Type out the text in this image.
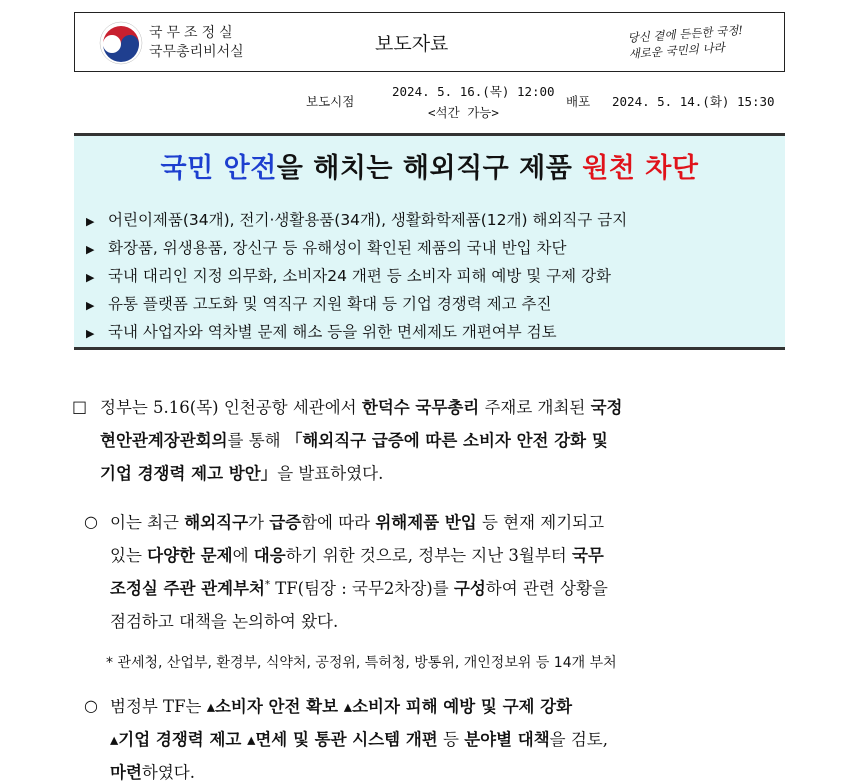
국무조정실
국무총리비서실	보도자료	당신 곁에 든든한 국정!
새로운 국민의 나라
보도시점
2024. 5. 16.(목) 12:00
<석간 가능>
배포 2024. 5. 14.(화) 15:30
국민 안전을 해치는 해외직구 제품 원천 차단
▶ 어린이제품(34개), 전기·생활용품(34개), 생활화학제품(12개) 해외직구 금지
▶ 화장품, 위생용품, 장신구 등 유해성이 확인된 제품의 국내 반입 차단
▶ 국내 대리인 지정 의무화, 소비자24 개편 등 소비자 피해 예방 및 구제 강화
▶ 유통 플랫폼 고도화 및 역직구 지원 확대 등 기업 경쟁력 제고 추진
▶ 국내 사업자와 역차별 문제 해소 등을 위한 면세제도 개편여부 검토
□ 정부는 5.16(목) 인천공항 세관에서 한덕수 국무총리 주재로 개최된 국정
현안관계장관회의를 통해 「해외직구 급증에 따른 소비자 안전 강화 및
기업 경쟁력 제고 방안」을 발표하였다.
○ 이는 최근 해외직구가 급증함에 따라 위해제품 반입 등 현재 제기되고
있는 다양한 문제에 대응하기 위한 것으로, 정부는 지난 3월부터 국무
조정실 주관 관계부처* TF(팀장 : 국무2차장)를 구성하여 관련 상황을
점검하고 대책을 논의하여 왔다.
* 관세청, 산업부, 환경부, 식약처, 공정위, 특허청, 방통위, 개인정보위 등 14개 부처
○ 범정부 TF는 ▴소비자 안전 확보 ▴소비자 피해 예방 및 구제 강화
▴기업 경쟁력 제고 ▴면세 및 통관 시스템 개편 등 분야별 대책을 검토,
마련하였다.
